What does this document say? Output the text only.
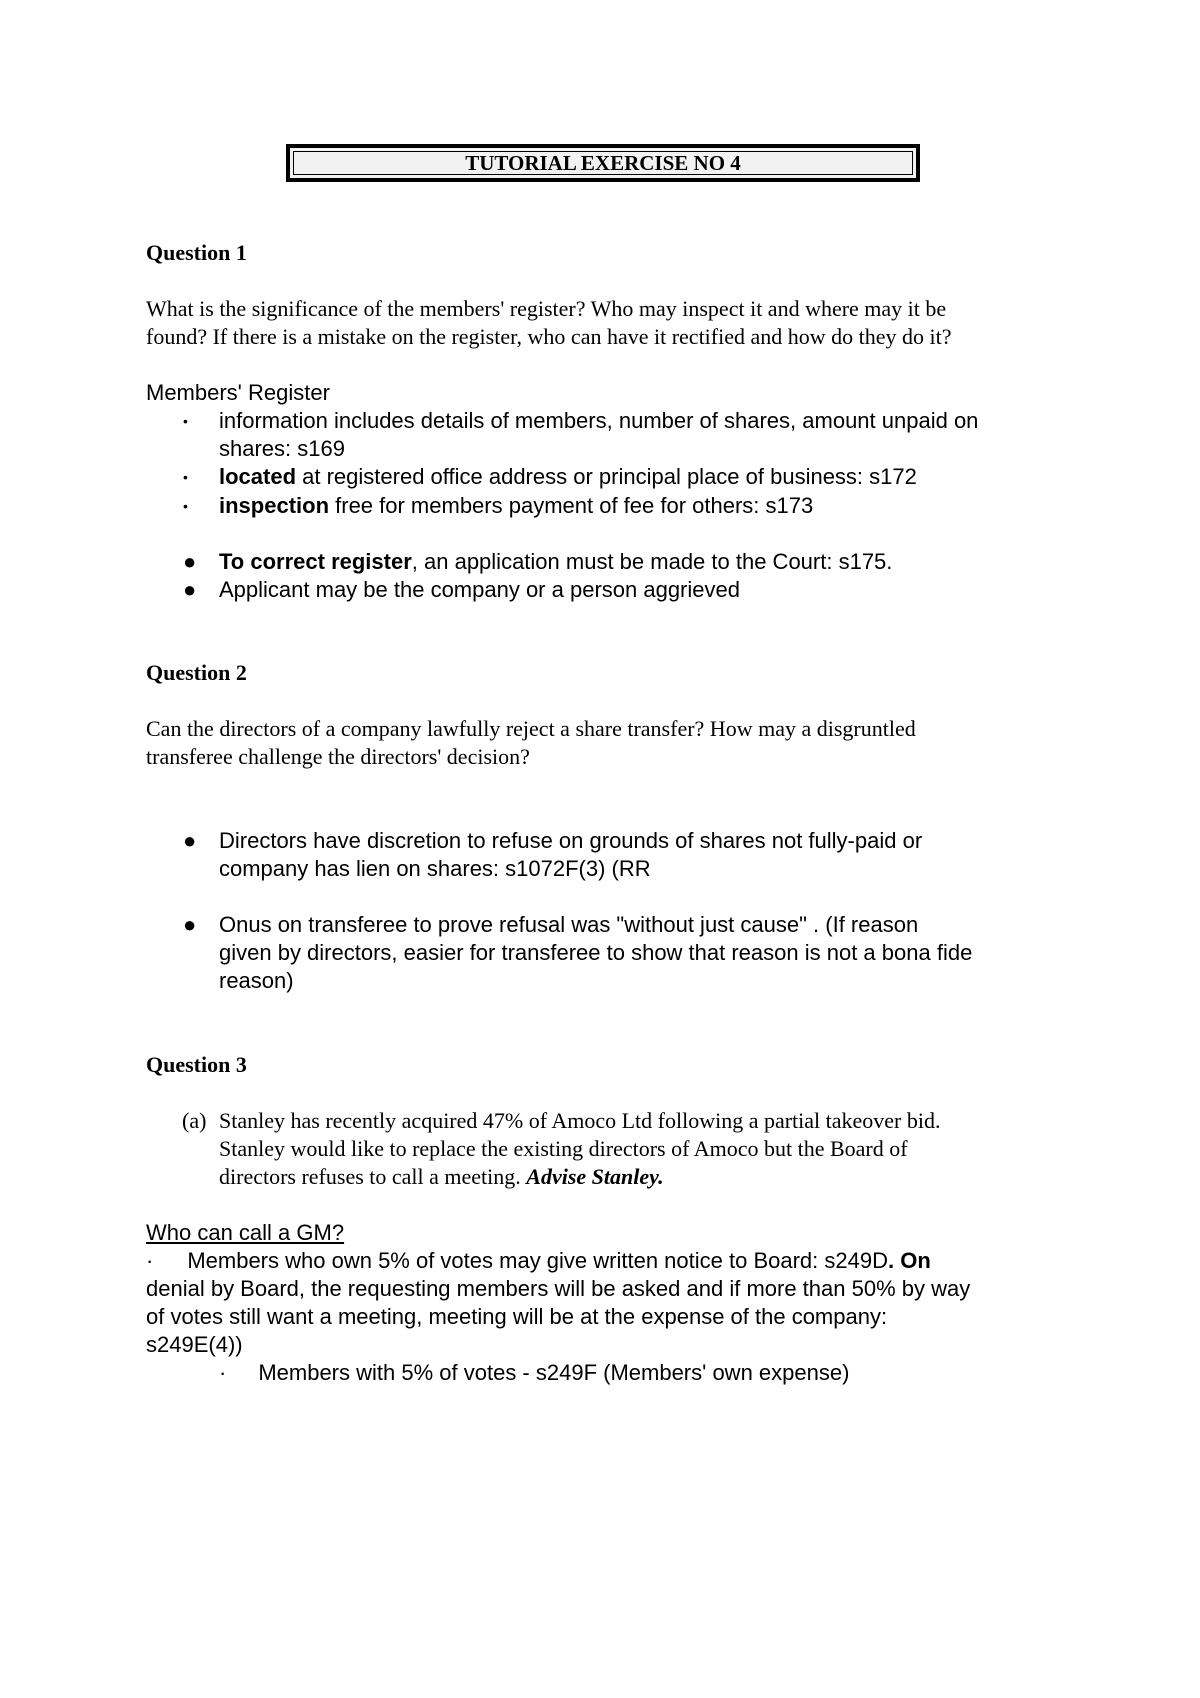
TUTORIAL EXERCISE NO 4
Question 1
What is the significance of the members' register? Who may inspect it and where may it be
found? If there is a mistake on the register, who can have it rectified and how do they do it?
Members' Register
• information includes details of members, number of shares, amount unpaid on
shares: s169
• located at registered office address or principal place of business: s172
• inspection free for members payment of fee for others: s173
● To correct register, an application must be made to the Court: s175.
● Applicant may be the company or a person aggrieved
Question 2
Can the directors of a company lawfully reject a share transfer? How may a disgruntled
transferee challenge the directors' decision?
● Directors have discretion to refuse on grounds of shares not fully-paid or
company has lien on shares: s1072F(3) (RR
● Onus on transferee to prove refusal was "without just cause" . (If reason
given by directors, easier for transferee to show that reason is not a bona fide
reason)
Question 3
(a) Stanley has recently acquired 47% of Amoco Ltd following a partial takeover bid.
Stanley would like to replace the existing directors of Amoco but the Board of
directors refuses to call a meeting. Advise Stanley.
Who can call a GM?
· Members who own 5% of votes may give written notice to Board: s249D. On
denial by Board, the requesting members will be asked and if more than 50% by way
of votes still want a meeting, meeting will be at the expense of the company:
s249E(4))
· Members with 5% of votes - s249F (Members' own expense)
